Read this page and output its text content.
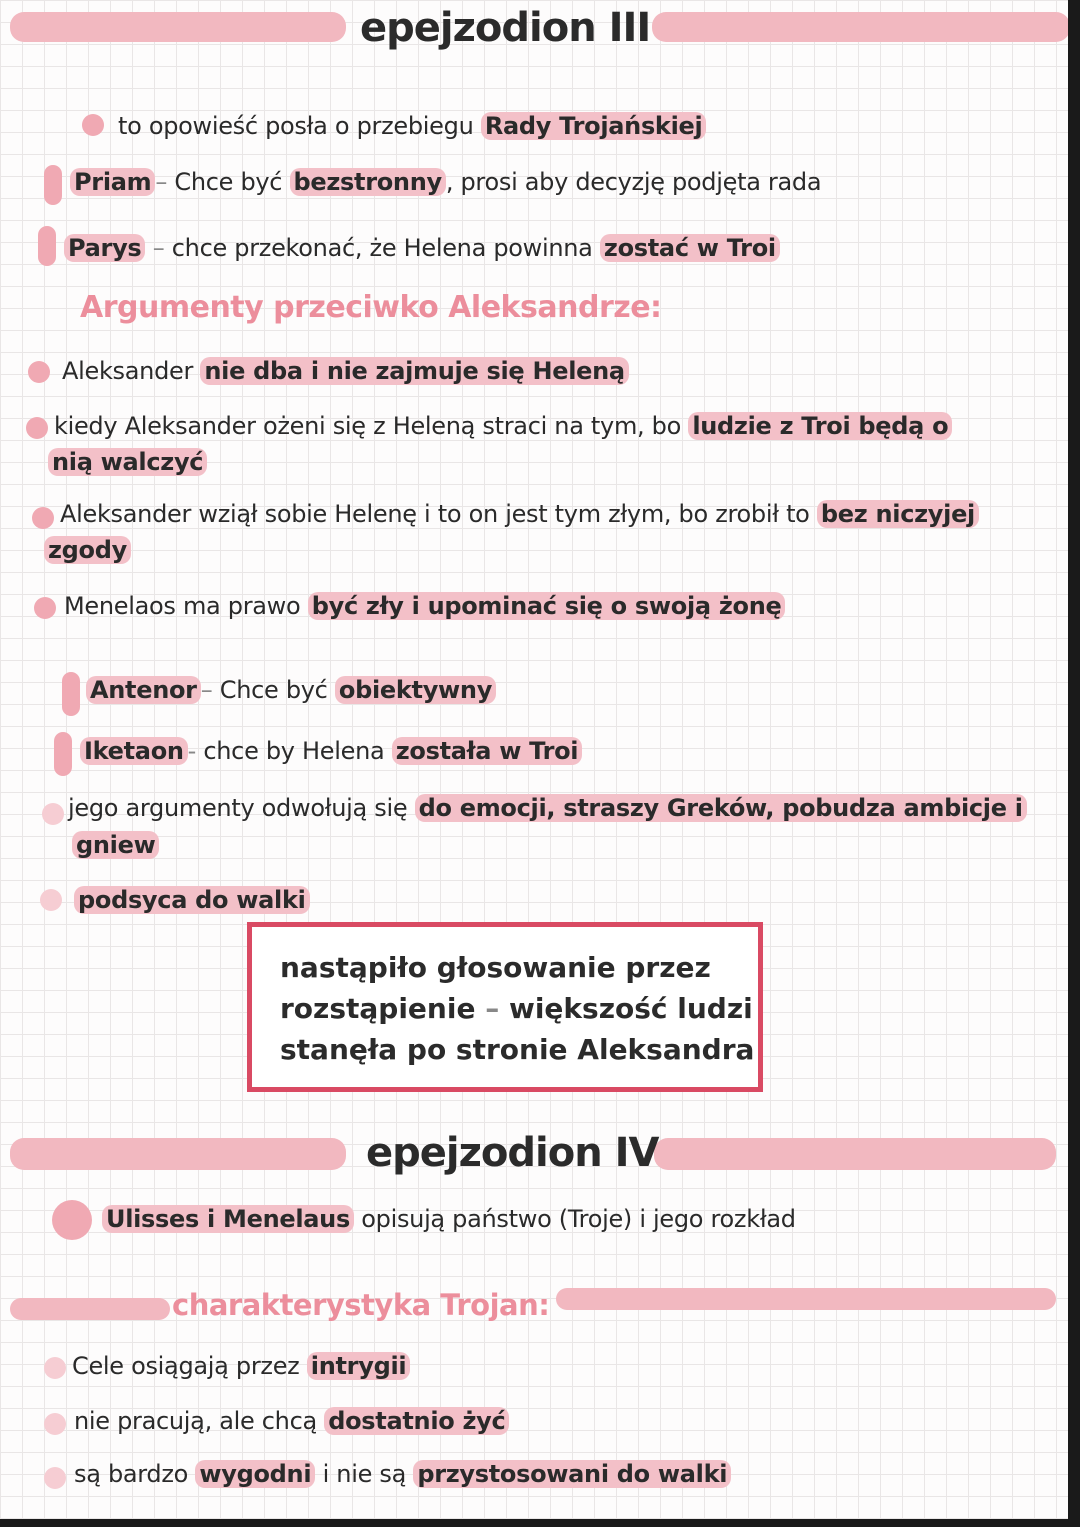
epejzodion III
to opowieść posła o przebiegu Rady Trojańskiej
Priam – Chce być bezstronny , prosi aby decyzję podjęta rada
Parys – chce przekonać, że Helena powinna zostać w Troi
Argumenty przeciwko Aleksandrze:
Aleksander nie dba i nie zajmuje się Heleną
kiedy Aleksander ożeni się z Heleną straci na tym, bo ludzie z Troi będą o
nią walczyć
Aleksander wziął sobie Helenę i to on jest tym złym, bo zrobił to bez niczyjej
zgody
Menelaos ma prawo być zły i upominać się o swoją żonę
Antenor – Chce być obiektywny
Iketaon - chce by Helena została w Troi
jego argumenty odwołują się do emocji, straszy Greków, pobudza ambicje i
gniew
podsyca do walki
nastąpiło głosowanie przez
rozstąpienie – większość ludzi
stanęła po stronie Aleksandra
epejzodion IV
Ulisses i Menelaus opisują państwo (Troje) i jego rozkład
charakterystyka Trojan:
Cele osiągają przez intrygii
nie pracują, ale chcą dostatnio żyć
są bardzo wygodni i nie są przystosowani do walki
